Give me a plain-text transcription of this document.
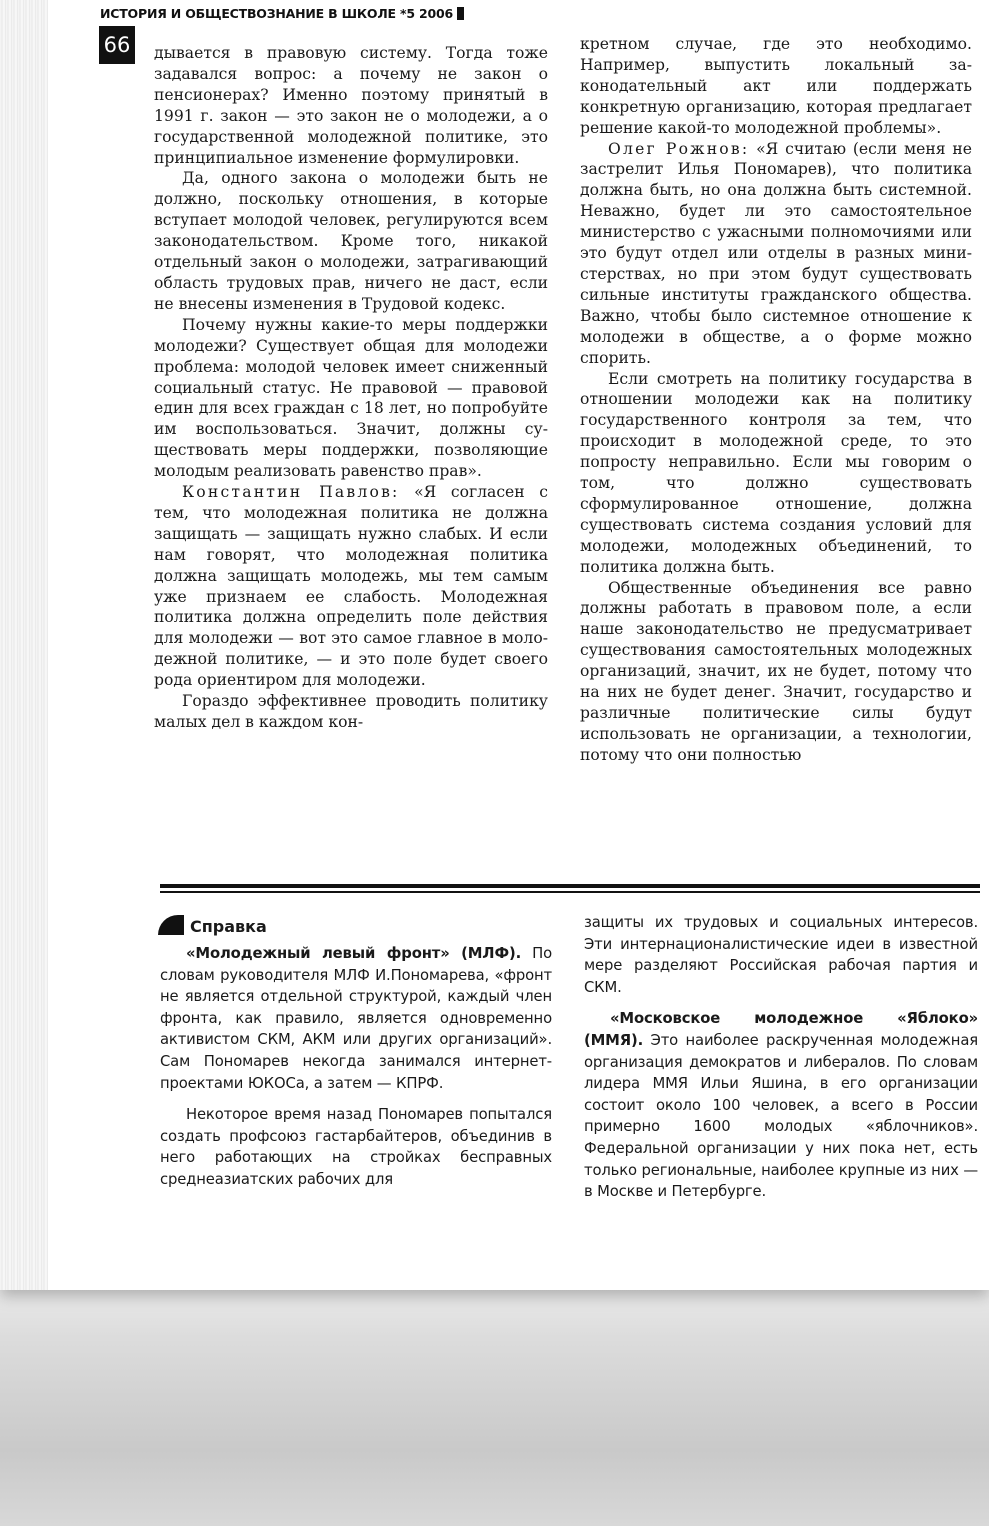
ИСТОРИЯ И ОБЩЕСТВОЗНАНИЕ В ШКОЛЕ *5 2006
66 дывается в правовую систему. Тогда тоже задавался вопрос: а почему не закон о пенсионерах? Именно поэтому принятый в 1991 г. закон — это закон не о молодежи, а о государственной молодежной политике, это принципиальное изменение формулировки.

Да, одного закона о молодежи быть не должно, поскольку отношения, в которые вступает молодой человек, регулируются всем законодательством. Кроме того, никакой отдельный закон о молодежи, затрагивающий область трудовых прав, ничего не даст, если не внесены изменения в Трудовой кодекс.

Почему нужны какие-то меры поддержки молодежи? Существует общая для молодежи проблема: молодой человек имеет сниженный социальный статус. Не правовой — правовой един для всех граждан с 18 лет, но попробуйте им воспользоваться. Значит, должны существовать меры поддержки, позволяющие молодым реализовать равенство прав».

Константин Павлов: «Я согласен с тем, что молодежная политика не должна защищать — защищать нужно слабых. И если нам говорят, что молодежная политика должна защищать молодежь, мы тем самым уже признаем ее слабость. Молодежная политика должна определить поле действия для молодежи — вот это самое главное в молодежной политике, — и это поле будет своего рода ориентиром для молодежи.

Гораздо эффективнее проводить политику малых дел в каждом кон-

кретном случае, где это необходимо. Например, выпустить локальный законодательный акт или поддержать конкретную организацию, которая предлагает решение какой-то молодежной проблемы».

Олег Рожнов: «Я считаю (если меня не застрелит Илья Пономарев), что политика должна быть, но она должна быть системной. Неважно, будет ли это самостоятельное министерство с ужасными полномочиями или это будут отдел или отделы в разных министерствах, но при этом будут существовать сильные институты гражданского общества. Важно, чтобы было системное отношение к молодежи в обществе, а о форме можно спорить.

Если смотреть на политику государства в отношении молодежи как на политику государственного контроля за тем, что происходит в молодежной среде, то это попросту неправильно. Если мы говорим о том, что должно существовать сформулированное отношение, должна существовать система создания условий для молодежи, молодежных объединений, то политика должна быть.

Общественные объединения все равно должны работать в правовом поле, а если наше законодательство не предусматривает существования самостоятельных молодежных организаций, значит, их не будет, потому что на них не будет денег. Значит, государство и различные политические силы будут использовать не организации, а технологии, потому что они полностью

Справка

«Молодежный левый фронт» (МЛФ). По словам руководителя МЛФ И.Пономарева, «фронт не является отдельной структурой, каждый член фронта, как правило, является одновременно активистом СКМ, АКМ или других организаций». Сам Пономарев некогда занимался интернет-проектами ЮКОСа, а затем — КПРФ.

Некоторое время назад Пономарев попытался создать профсоюз гастарбайтеров, объединив в него работающих на стройках бесправных среднеазиатских рабочих для

защиты их трудовых и социальных интересов. Эти интернационалистические идеи в известной мере разделяют Российская рабочая партия и СКМ.

«Московское молодежное «Яблоко» (ММЯ). Это наиболее раскрученная молодежная организация демократов и либералов. По словам лидера ММЯ Ильи Яшина, в его организации состоит около 100 человек, а всего в России примерно 1600 молодых «яблочников». Федеральной организации у них пока нет, есть только региональные, наиболее крупные из них — в Москве и Петербурге.
